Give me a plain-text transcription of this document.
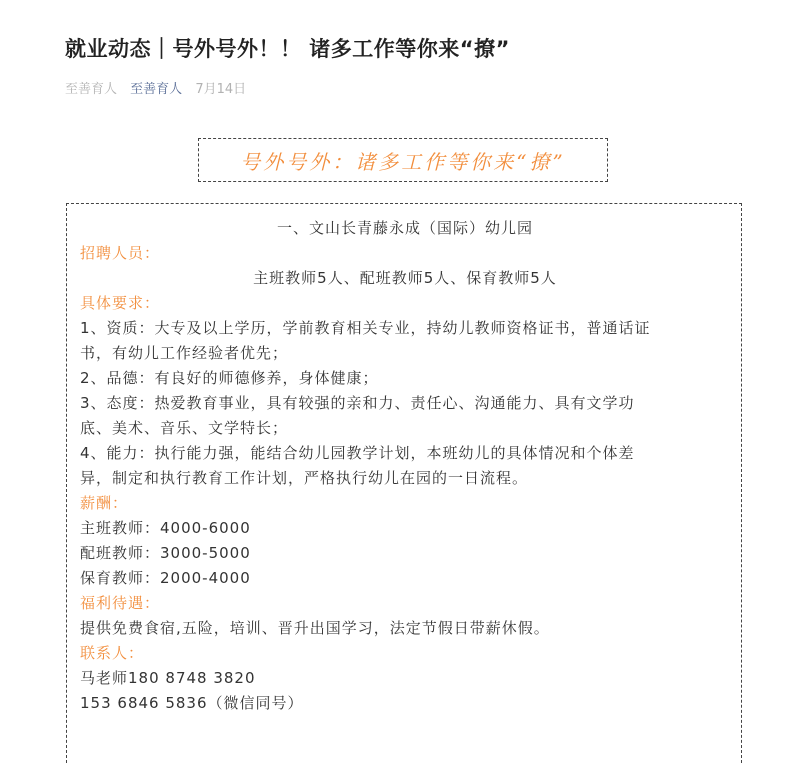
就业动态｜号外号外！！ 诸多工作等你来“撩”
至善育人 至善育人 7月14日
号外号外：诸多工作等你来“撩”

一、文山长青藤永成（国际）幼儿园

招聘人员：

主班教师5人、配班教师5人、保育教师5人

具体要求：

1、资质：大专及以上学历，学前教育相关专业，持幼儿教师资格证书，普通话证

书，有幼儿工作经验者优先；

2、品德：有良好的师德修养，身体健康；

3、态度：热爱教育事业，具有较强的亲和力、责任心、沟通能力、具有文学功

底、美术、音乐、文学特长；

4、能力：执行能力强，能结合幼儿园教学计划，本班幼儿的具体情况和个体差

异，制定和执行教育工作计划，严格执行幼儿在园的一日流程。

薪酬：

主班教师：4000-6000

配班教师：3000-5000

保育教师：2000-4000

福利待遇：

提供免费食宿,五险，培训、晋升出国学习，法定节假日带薪休假。

联系人：

马老师180 8748 3820

153 6846 5836（微信同号）
